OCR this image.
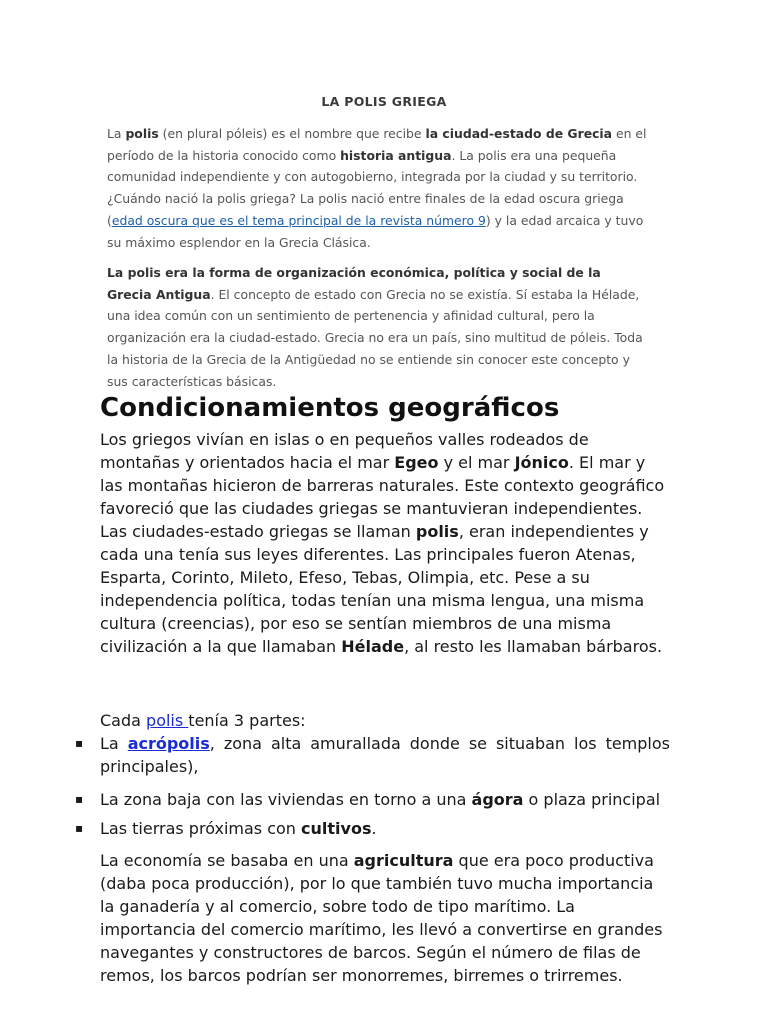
LA POLIS GRIEGA

La polis (en plural póleis) es el nombre que recibe la ciudad-estado de Grecia en el período de la historia conocido como historia antigua. La polis era una pequeña comunidad independiente y con autogobierno, integrada por la ciudad y su territorio. ¿Cuándo nació la polis griega? La polis nació entre finales de la edad oscura griega (edad oscura que es el tema principal de la revista número 9) y la edad arcaica y tuvo su máximo esplendor en la Grecia Clásica.

La polis era la forma de organización económica, política y social de la Grecia Antigua. El concepto de estado con Grecia no se existía. Sí estaba la Hélade, una idea común con un sentimiento de pertenencia y afinidad cultural, pero la organización era la ciudad-estado. Grecia no era un país, sino multitud de póleis. Toda la historia de la Grecia de la Antigüedad no se entiende sin conocer este concepto y sus características básicas.

Condicionamientos geográficos

Los griegos vivían en islas o en pequeños valles rodeados de montañas y orientados hacia el mar Egeo y el mar Jónico. El mar y las montañas hicieron de barreras naturales. Este contexto geográfico favoreció que las ciudades griegas se mantuvieran independientes. Las ciudades-estado griegas se llaman polis, eran independientes y cada una tenía sus leyes diferentes. Las principales fueron Atenas, Esparta, Corinto, Mileto, Efeso, Tebas, Olimpia, etc. Pese a su independencia política, todas tenían una misma lengua, una misma cultura (creencias), por eso se sentían miembros de una misma civilización a la que llamaban Hélade, al resto les llamaban bárbaros.

Cada polis tenía 3 partes:

▪ La acrópolis, zona alta amurallada donde se situaban los templos principales),
▪ La zona baja con las viviendas en torno a una ágora o plaza principal
▪ Las tierras próximas con cultivos.

La economía se basaba en una agricultura que era poco productiva (daba poca producción), por lo que también tuvo mucha importancia la ganadería y al comercio, sobre todo de tipo marítimo. La importancia del comercio marítimo, les llevó a convertirse en grandes navegantes y constructores de barcos. Según el número de filas de remos, los barcos podrían ser monorremes, birremes o trirremes.
